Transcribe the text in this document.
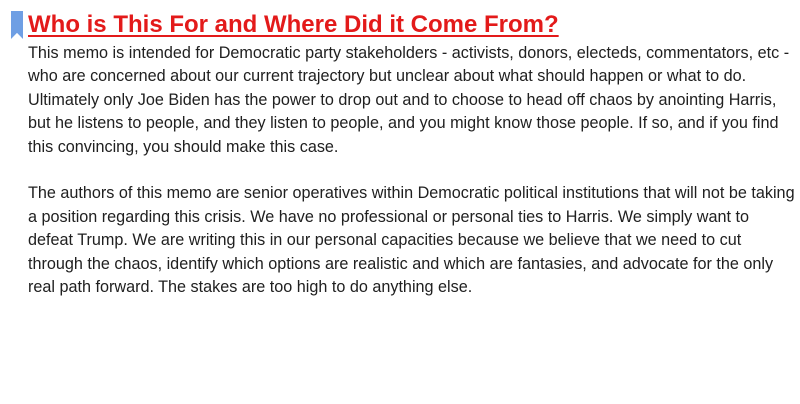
Who is This For and Where Did it Come From?

This memo is intended for Democratic party stakeholders - activists, donors, electeds, commentators, etc - who are concerned about our current trajectory but unclear about what should happen or what to do. Ultimately only Joe Biden has the power to drop out and to choose to head off chaos by anointing Harris, but he listens to people, and they listen to people, and you might know those people. If so, and if you find this convincing, you should make this case.

The authors of this memo are senior operatives within Democratic political institutions that will not be taking a position regarding this crisis. We have no professional or personal ties to Harris. We simply want to defeat Trump. We are writing this in our personal capacities because we believe that we need to cut through the chaos, identify which options are realistic and which are fantasies, and advocate for the only real path forward. The stakes are too high to do anything else.
